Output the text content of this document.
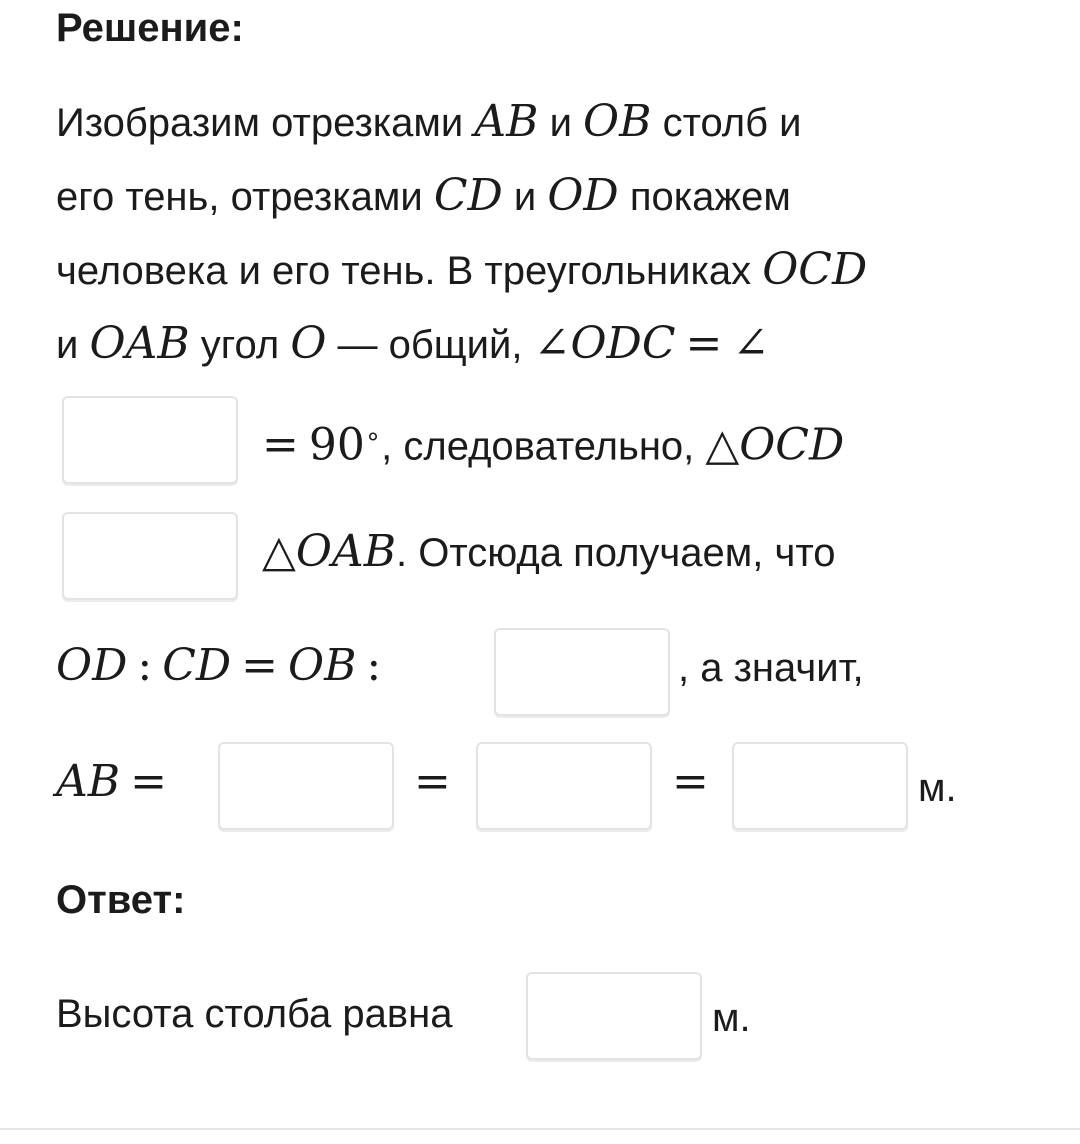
Решение:
Изобразим отрезками AB и OB столб и
его тень, отрезками CD и OD покажем
человека и его тень. В треугольниках OCD
и OAB угол O — общий, ∠ODC = ∠
= 90∘, следовательно, △OCD
△OAB. Отсюда получаем, что
OD : CD = OB :	, а значит,
AB =	=	=	м.
Ответ:
Высота столба равна	м.
